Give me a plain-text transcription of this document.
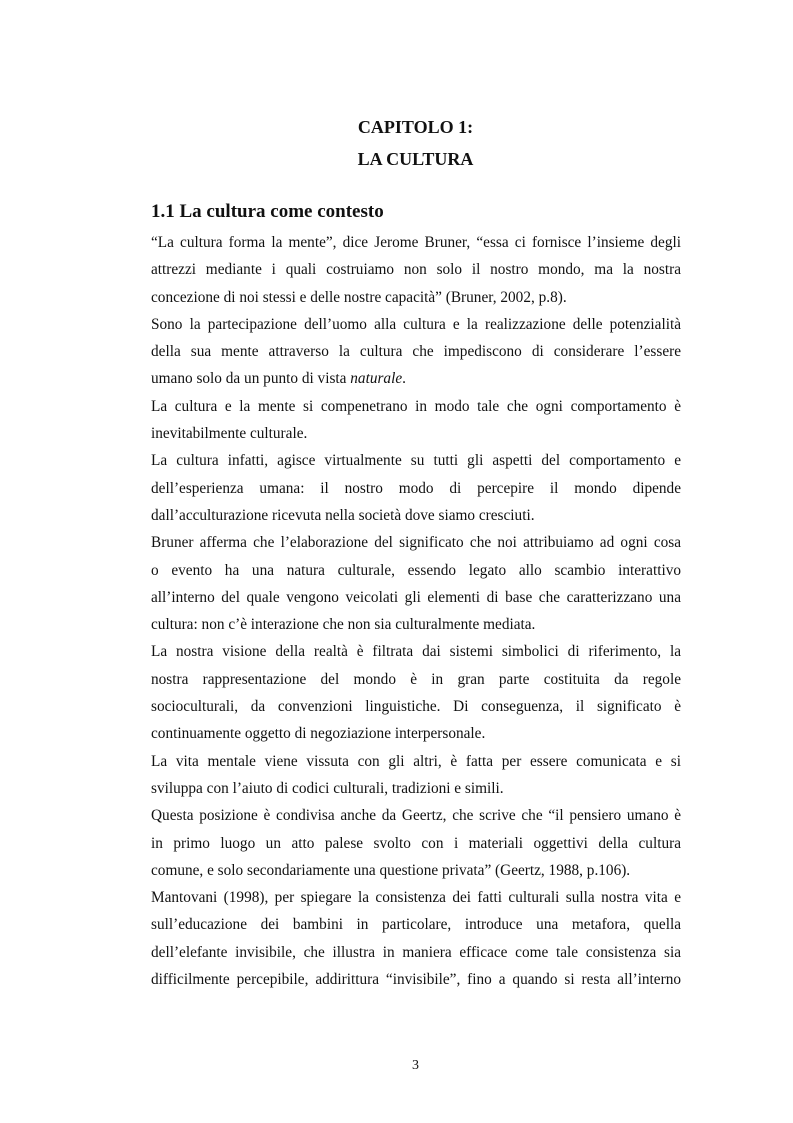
CAPITOLO 1:
LA CULTURA
1.1 La cultura come contesto
“La cultura forma la mente”, dice Jerome Bruner, “essa ci fornisce l’insieme degli
attrezzi mediante i quali costruiamo non solo il nostro mondo, ma la nostra
concezione di noi stessi e delle nostre capacità” (Bruner, 2002, p.8).
Sono la partecipazione dell’uomo alla cultura e la realizzazione delle potenzialità
della sua mente attraverso la cultura che impediscono di considerare l’essere
umano solo da un punto di vista naturale.
La cultura e la mente si compenetrano in modo tale che ogni comportamento è
inevitabilmente culturale.
La cultura infatti, agisce virtualmente su tutti gli aspetti del comportamento e
dell’esperienza umana: il nostro modo di percepire il mondo dipende
dall’acculturazione ricevuta nella società dove siamo cresciuti.
Bruner afferma che l’elaborazione del significato che noi attribuiamo ad ogni cosa
o evento ha una natura culturale, essendo legato allo scambio interattivo
all’interno del quale vengono veicolati gli elementi di base che caratterizzano una
cultura: non c’è interazione che non sia culturalmente mediata.
La nostra visione della realtà è filtrata dai sistemi simbolici di riferimento, la
nostra rappresentazione del mondo è in gran parte costituita da regole
socioculturali, da convenzioni linguistiche. Di conseguenza, il significato è
continuamente oggetto di negoziazione interpersonale.
La vita mentale viene vissuta con gli altri, è fatta per essere comunicata e si
sviluppa con l’aiuto di codici culturali, tradizioni e simili.
Questa posizione è condivisa anche da Geertz, che scrive che “il pensiero umano è
in primo luogo un atto palese svolto con i materiali oggettivi della cultura
comune, e solo secondariamente una questione privata” (Geertz, 1988, p.106).
Mantovani (1998), per spiegare la consistenza dei fatti culturali sulla nostra vita e
sull’educazione dei bambini in particolare, introduce una metafora, quella
dell’elefante invisibile, che illustra in maniera efficace come tale consistenza sia
difficilmente percepibile, addirittura “invisibile”, fino a quando si resta all’interno
3
